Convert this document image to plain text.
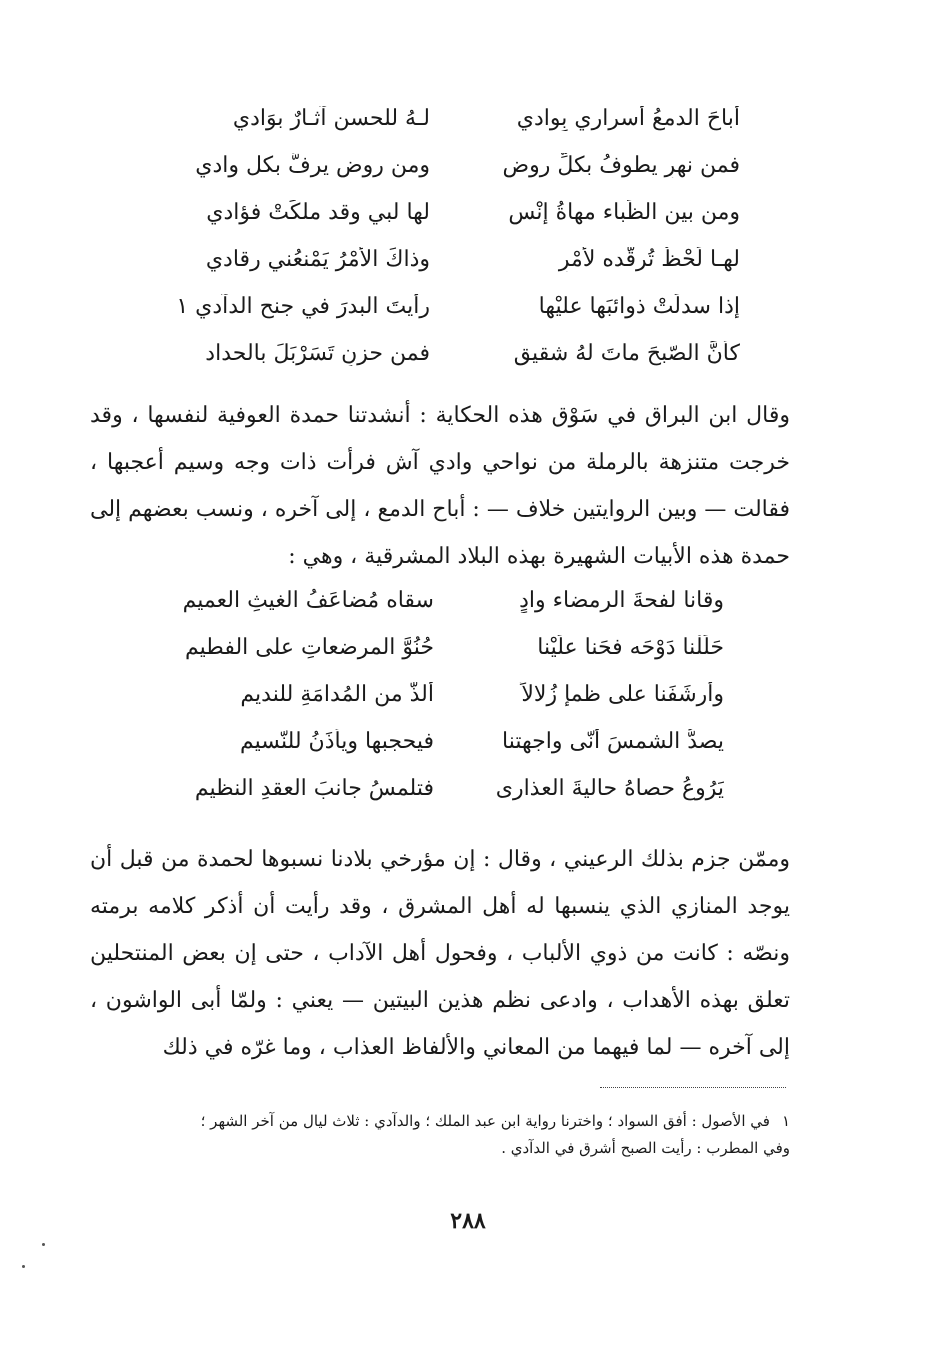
أباحَ الدمعُ أسراري بِوادي
لـهُ للحسن آثـارٌ بوَادي
فمن نهرٍ يطوفُ بكلِّ روضٍ
ومن روض يرفُّ بكل وادي
ومن بينِ الظِّباء مهاةُ إنْسٍ
لها لبي وقد ملكَتْ فؤادي
لهـا لَحْظٌ تُرقّده لأمْرٍ
وذاكَ الأمْرُ يَمْنعُني رقادي
إذا سدلَتْ ذوائبَها عليْها
رأيتَ البدرَ في جنح الدآدي ١
كأنَّ الصّبحَ ماتَ لهُ شقيق
فمن حزنٍ تَسَرْبَلَ بالحداد

وقال ابن البراق في سَوْق هذه الحكاية : أنشدتنا حمدة العوفية لنفسها ، وقد خرجت متنزهة بالرملة من نواحي وادي آش فرأت ذات وجه وسيم أعجبها ، فقالت — وبين الروايتين خلاف — : أباح الدمع ، إلى آخره ، ونسب بعضهم إلى حمدة هذه الأبيات الشهيرة بهذه البلاد المشرقية ، وهي :

وقانا لفحةَ الرمضاء وادٍ
سقاه مُضاعَفُ الغيثِ العميمِ
حَلَلْنا دَوْحَه فحَنا علَيْنا
حُنُوَّ المرضعاتِ على الفطيمِ
وأرشَفَنا على ظمإٍ زُلالاً
ألذَّ من المُدامَةِ للنديمِ
يصدُّ الشمسَ أنّى واجهتنا
فيحجبها ويأذَنُ للنّسيمِ
يَرُوعُ حصاهُ حاليةَ العذارى
فتلمسُ جانبَ العقدِ النظيمِ

وممّن جزم بذلك الرعيني ، وقال : إن مؤرخي بلادنا نسبوها لحمدة من قبل أن يوجد المنازي الذي ينسبها له أهل المشرق ، وقد رأيت أن أذكر كلامه برمته ونصّه : كانت من ذوي الألباب ، وفحول أهل الآداب ، حتى إن بعض المنتحلين تعلق بهذه الأهداب ، وادعى نظم هذين البيتين — يعني : ولمّا أبى الواشون ، إلى آخره — لما فيهما من المعاني والألفاظ العذاب ، وما غرّه في ذلك

١في الأصول : أفق السواد ؛ واخترنا رواية ابن عبد الملك ؛ والدآدي : ثلاث ليال من آخر الشهر ؛

وفي المطرب : رأيت الصبح أشرق في الدآدي .

٢٨٨
